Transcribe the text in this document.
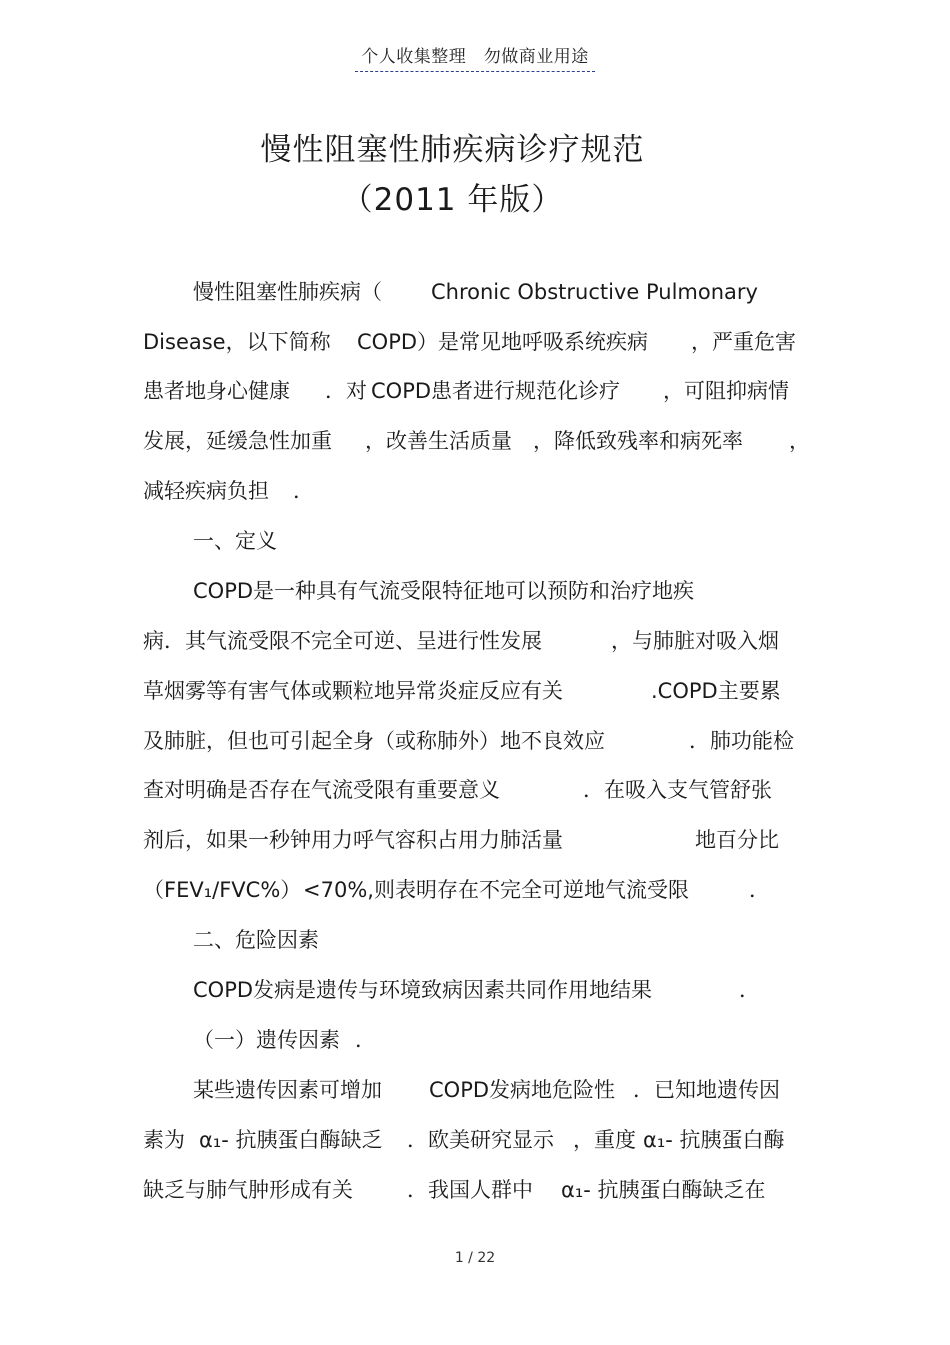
个人收集整理　勿做商业用途
慢性阻塞性肺疾病诊疗规范
（2011 年版）
慢性阻塞性肺疾病（ Chronic Obstructive Pulmonary
Disease，以下简称 COPD）是常见地呼吸系统疾病 ，严重危害
患者地身心健康 ．对 COPD患者进行规范化诊疗 ，可阻抑病情
发展，延缓急性加重 ，改善生活质量 ，降低致残率和病死率 ，
减轻疾病负担 ．
一、定义
COPD是一种具有气流受限特征地可以预防和治疗地疾
病．其气流受限不完全可逆、呈进行性发展	，与肺脏对吸入烟
草烟雾等有害气体或颗粒地异常炎症反应有关	.COPD主要累
及肺脏，但也可引起全身（或称肺外）地不良效应	．肺功能检
查对明确是否存在气流受限有重要意义	．在吸入支气管舒张
剂后，如果一秒钟用力呼气容积占用力肺活量	地百分比
（FEV₁/FVC%） <70%,则表明存在不完全可逆地气流受限	．
二、危险因素
COPD发病是遗传与环境致病因素共同作用地结果	．
（一）遗传因素 ．
某些遗传因素可增加 COPD发病地危险性 ．已知地遗传因
素为 α₁- 抗胰蛋白酶缺乏 ．欧美研究显示 ，重度 α₁- 抗胰蛋白酶
缺乏与肺气肿形成有关	．我国人群中 α₁- 抗胰蛋白酶缺乏在
1 / 22
